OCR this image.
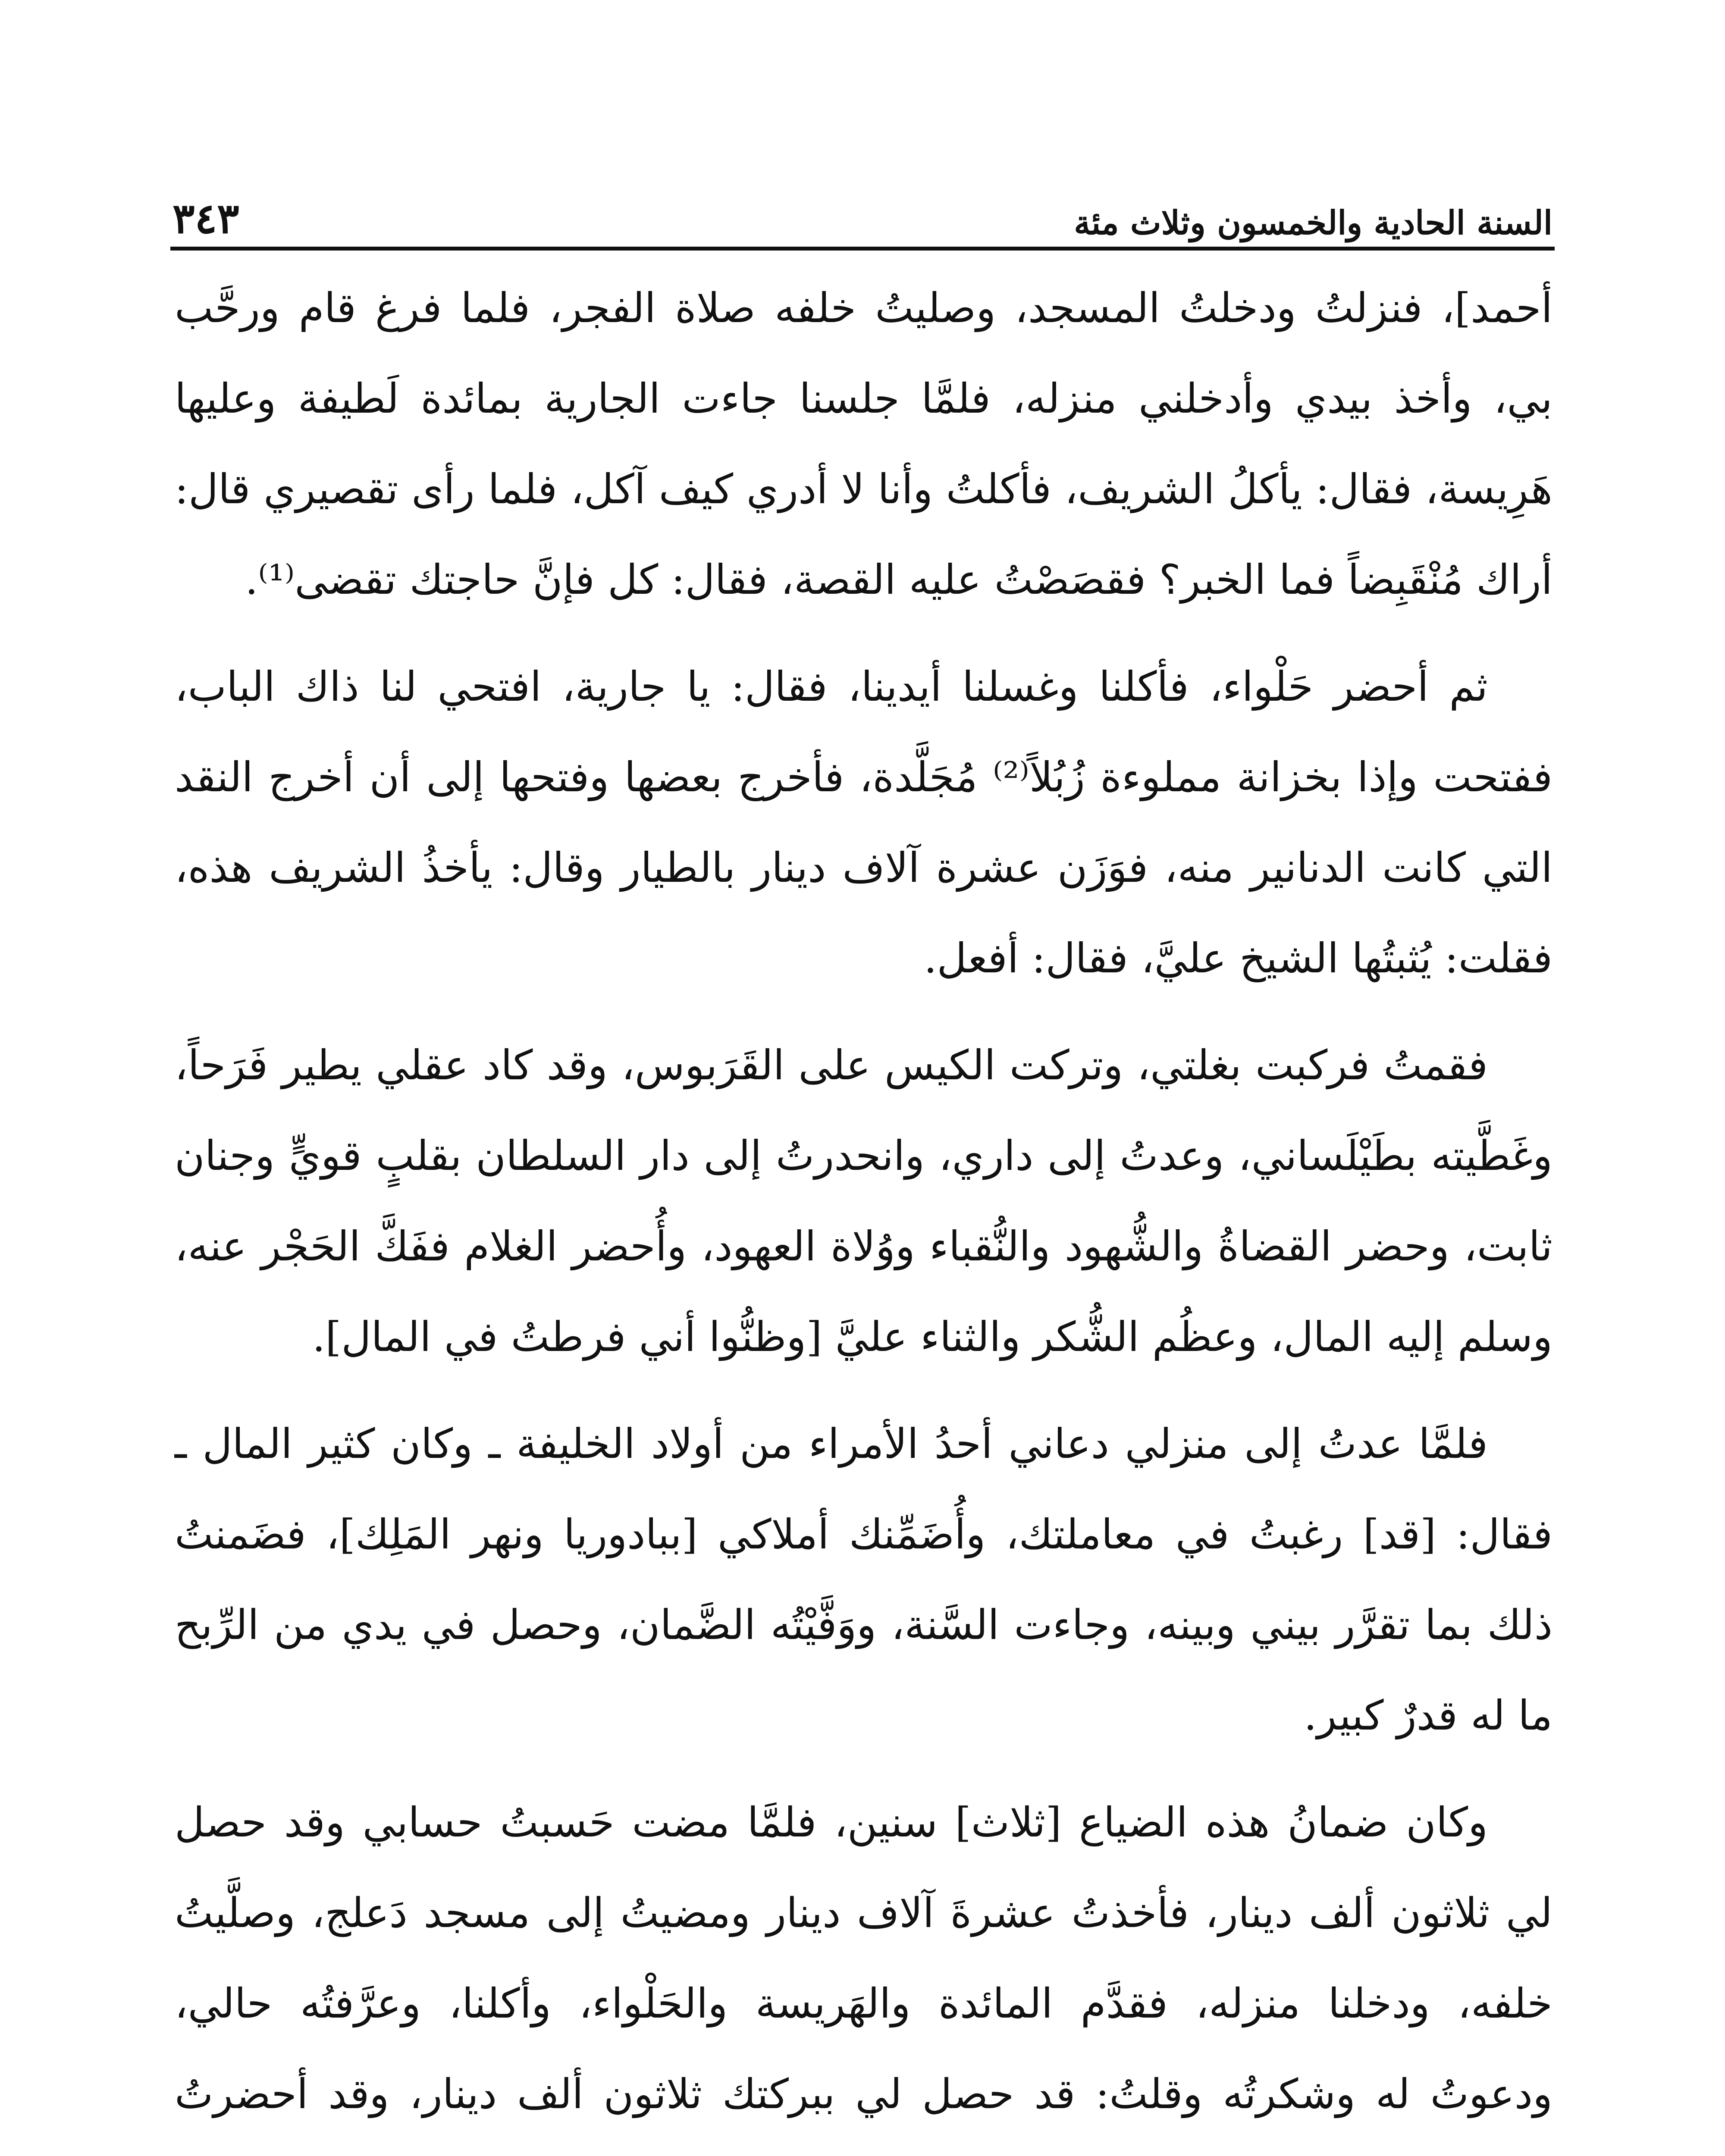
السنة الحادية والخمسون وثلاث مئة
٣٤٣

أحمد]، فنزلتُ ودخلتُ المسجد، وصليتُ خلفه صلاة الفجر، فلما فرغ قام ورحَّب بي، وأخذ بيدي وأدخلني منزله، فلمَّا جلسنا جاءت الجارية بمائدة لَطيفة وعليها هَرِيسة، فقال: يأكلُ الشريف، فأكلتُ وأنا لا أدري كيف آكل، فلما رأى تقصيري قال: أراك مُنْقَبِضاً فما الخبر؟ فقصَصْتُ عليه القصة، فقال: كل فإنَّ حاجتك تقضى⁽¹⁾.

ثم أحضر حَلْواء، فأكلنا وغسلنا أيدينا، فقال: يا جارية، افتحي لنا ذاك الباب، ففتحت وإذا بخزانة مملوءة زُبُلاً⁽²⁾ مُجَلَّدة، فأخرج بعضها وفتحها إلى أن أخرج النقد التي كانت الدنانير منه، فوَزَن عشرة آلاف دينار بالطيار وقال: يأخذُ الشريف هذه، فقلت: يُثبتُها الشيخ عليَّ، فقال: أفعل.

فقمتُ فركبت بغلتي، وتركت الكيس على القَرَبوس، وقد كاد عقلي يطير فَرَحاً، وغَطَّيته بطَيْلَساني، وعدتُ إلى داري، وانحدرتُ إلى دار السلطان بقلبٍ قويٍّ وجنان ثابت، وحضر القضاةُ والشُّهود والنُّقباء ووُلاة العهود، وأُحضر الغلام ففَكَّ الحَجْر عنه، وسلم إليه المال، وعظُم الشُّكر والثناء عليَّ [وظنُّوا أني فرطتُ في المال].

فلمَّا عدتُ إلى منزلي دعاني أحدُ الأمراء من أولاد الخليفة ـ وكان كثير المال ـ فقال: [قد] رغبتُ في معاملتك، وأُضَمِّنك أملاكي [ببادوريا ونهر المَلِك]، فضَمنتُ ذلك بما تقرَّر بيني وبينه، وجاءت السَّنة، ووَفَّيْتُه الضَّمان، وحصل في يدي من الرِّبح ما له قدرٌ كبير.

وكان ضمانُ هذه الضياع [ثلاث] سنين، فلمَّا مضت حَسبتُ حسابي وقد حصل لي ثلاثون ألف دينار، فأخذتُ عشرةَ آلاف دينار ومضيتُ إلى مسجد دَعلج، وصلَّيتُ خلفه، ودخلنا منزله، فقدَّم المائدة والهَريسة والحَلْواء، وأكلنا، وعرَّفتُه حالي، ودعوتُ له وشكرتُه وقلتُ: قد حصل لي ببركتك ثلاثون ألف دينار، وقد أحضرتُ
